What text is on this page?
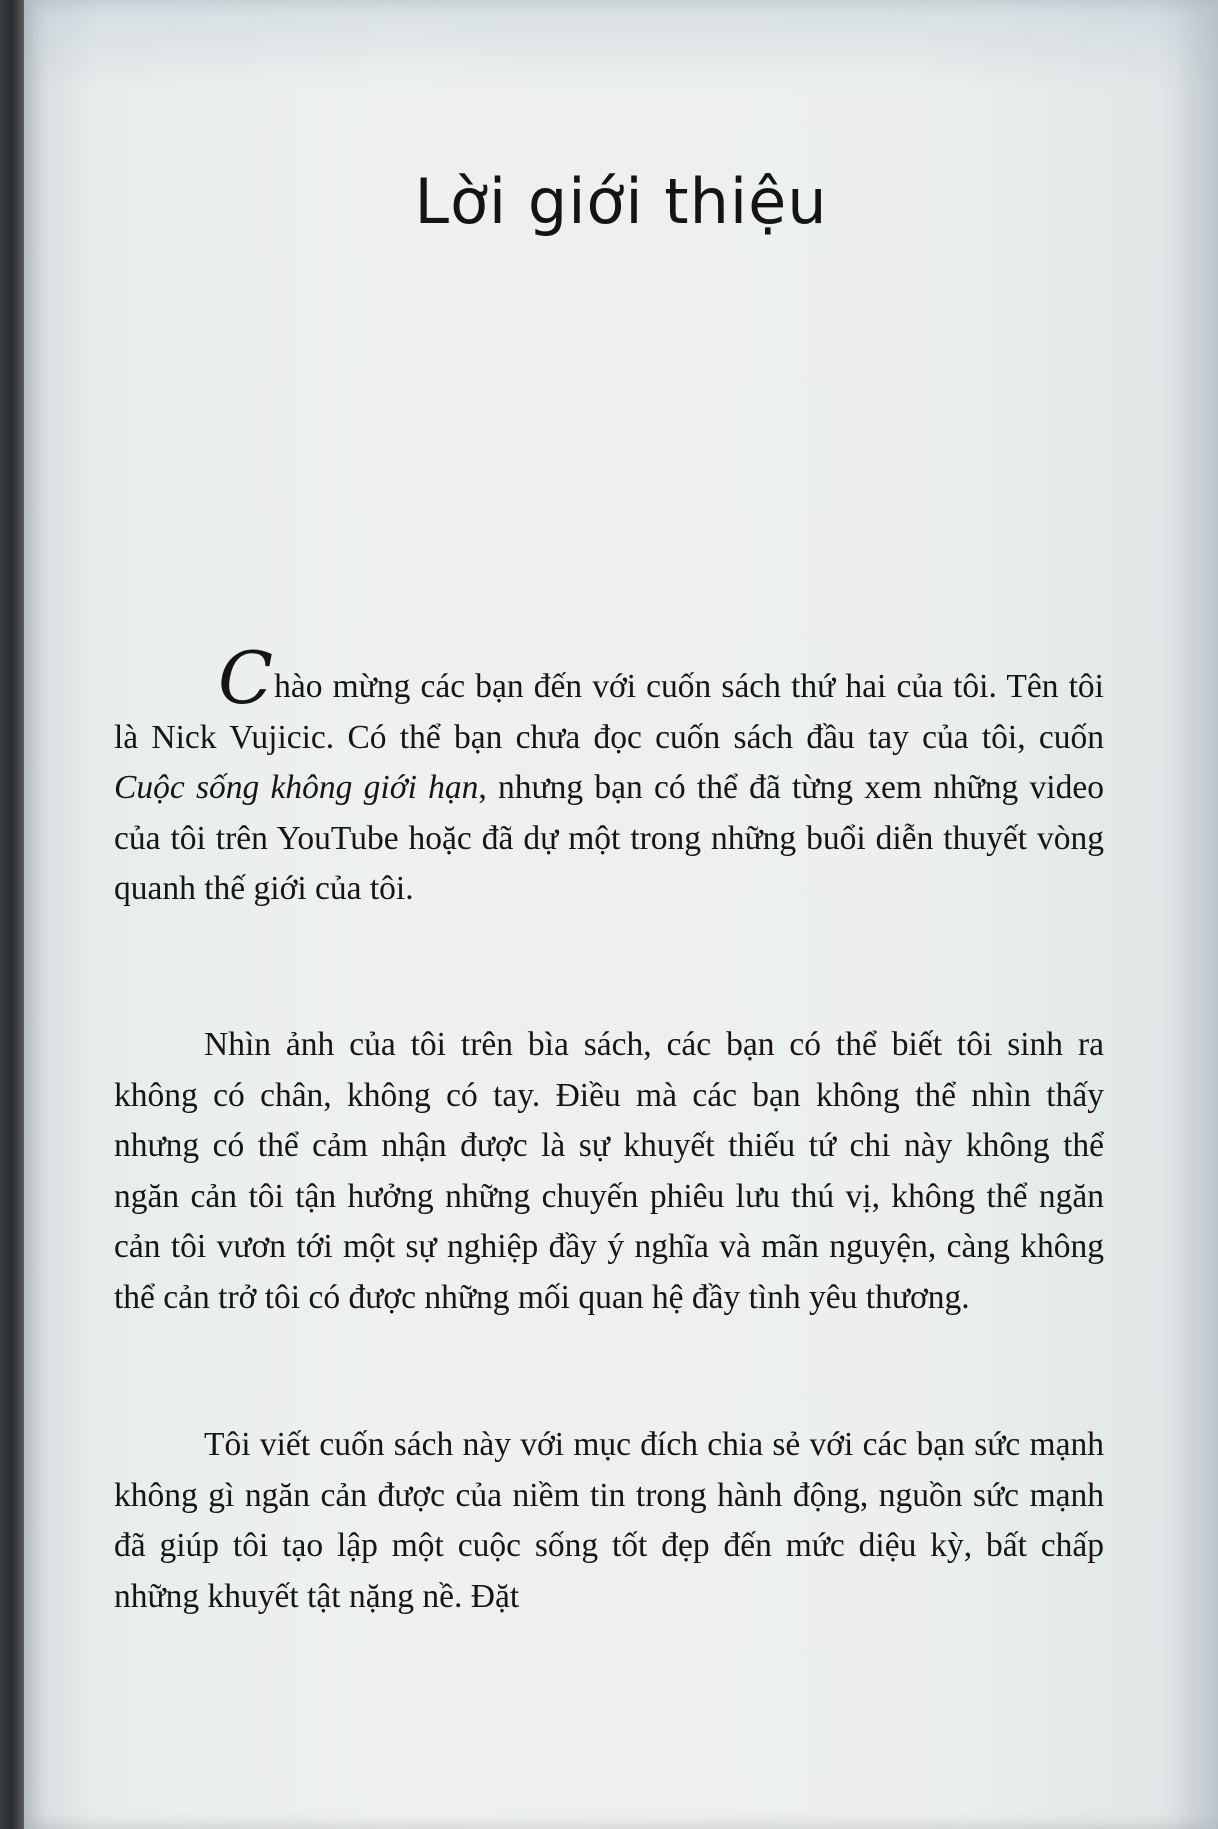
Lời giới thiệu

Chào mừng các bạn đến với cuốn sách thứ hai của tôi. Tên tôi là Nick Vujicic. Có thể bạn chưa đọc cuốn sách đầu tay của tôi, cuốn Cuộc sống không giới hạn, nhưng bạn có thể đã từng xem những video của tôi trên YouTube hoặc đã dự một trong những buổi diễn thuyết vòng quanh thế giới của tôi.

Nhìn ảnh của tôi trên bìa sách, các bạn có thể biết tôi sinh ra không có chân, không có tay. Điều mà các bạn không thể nhìn thấy nhưng có thể cảm nhận được là sự khuyết thiếu tứ chi này không thể ngăn cản tôi tận hưởng những chuyến phiêu lưu thú vị, không thể ngăn cản tôi vươn tới một sự nghiệp đầy ý nghĩa và mãn nguyện, càng không thể cản trở tôi có được những mối quan hệ đầy tình yêu thương.

Tôi viết cuốn sách này với mục đích chia sẻ với các bạn sức mạnh không gì ngăn cản được của niềm tin trong hành động, nguồn sức mạnh đã giúp tôi tạo lập một cuộc sống tốt đẹp đến mức diệu kỳ, bất chấp những khuyết tật nặng nề. Đặt
